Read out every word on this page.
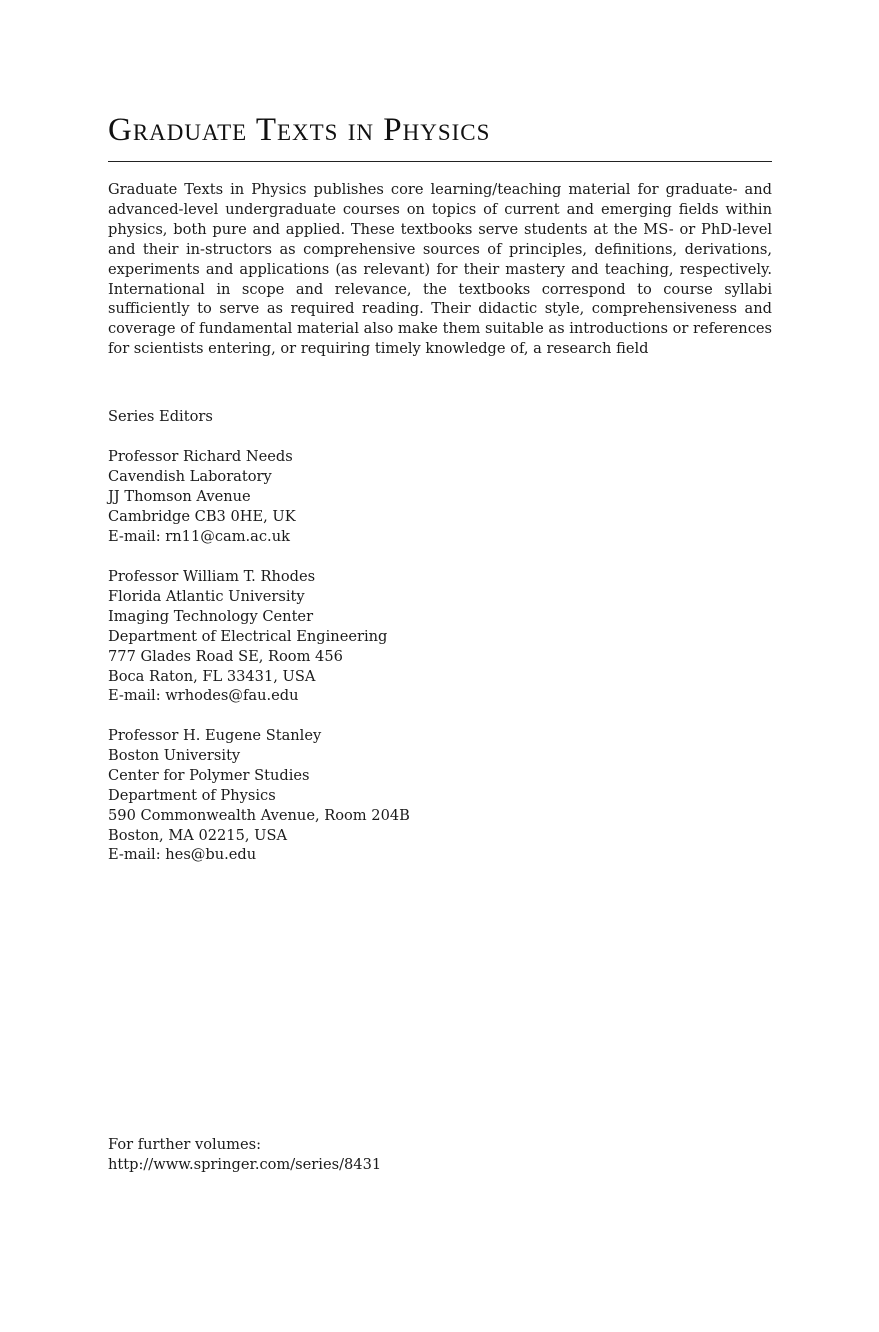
Graduate Texts in Physics

Graduate Texts in Physics publishes core learning/teaching material for graduate- and advanced-level undergraduate courses on topics of current and emerging fields within physics, both pure and applied. These textbooks serve students at the MS- or PhD-level and their in-structors as comprehensive sources of principles, definitions, derivations, experiments and applications (as relevant) for their mastery and teaching, respectively. International in scope and relevance, the textbooks correspond to course syllabi sufficiently to serve as required reading. Their didactic style, comprehensiveness and coverage of fundamental material also make them suitable as introductions or references for scientists entering, or requiring timely knowledge of, a research field

Series Editors
Professor Richard Needs
Cavendish Laboratory
JJ Thomson Avenue
Cambridge CB3 0HE, UK
E-mail: rn11@cam.ac.uk
Professor William T. Rhodes
Florida Atlantic University
Imaging Technology Center
Department of Electrical Engineering
777 Glades Road SE, Room 456
Boca Raton, FL 33431, USA
E-mail: wrhodes@fau.edu
Professor H. Eugene Stanley
Boston University
Center for Polymer Studies
Department of Physics
590 Commonwealth Avenue, Room 204B
Boston, MA 02215, USA
E-mail: hes@bu.edu
For further volumes:
http://www.springer.com/series/8431
